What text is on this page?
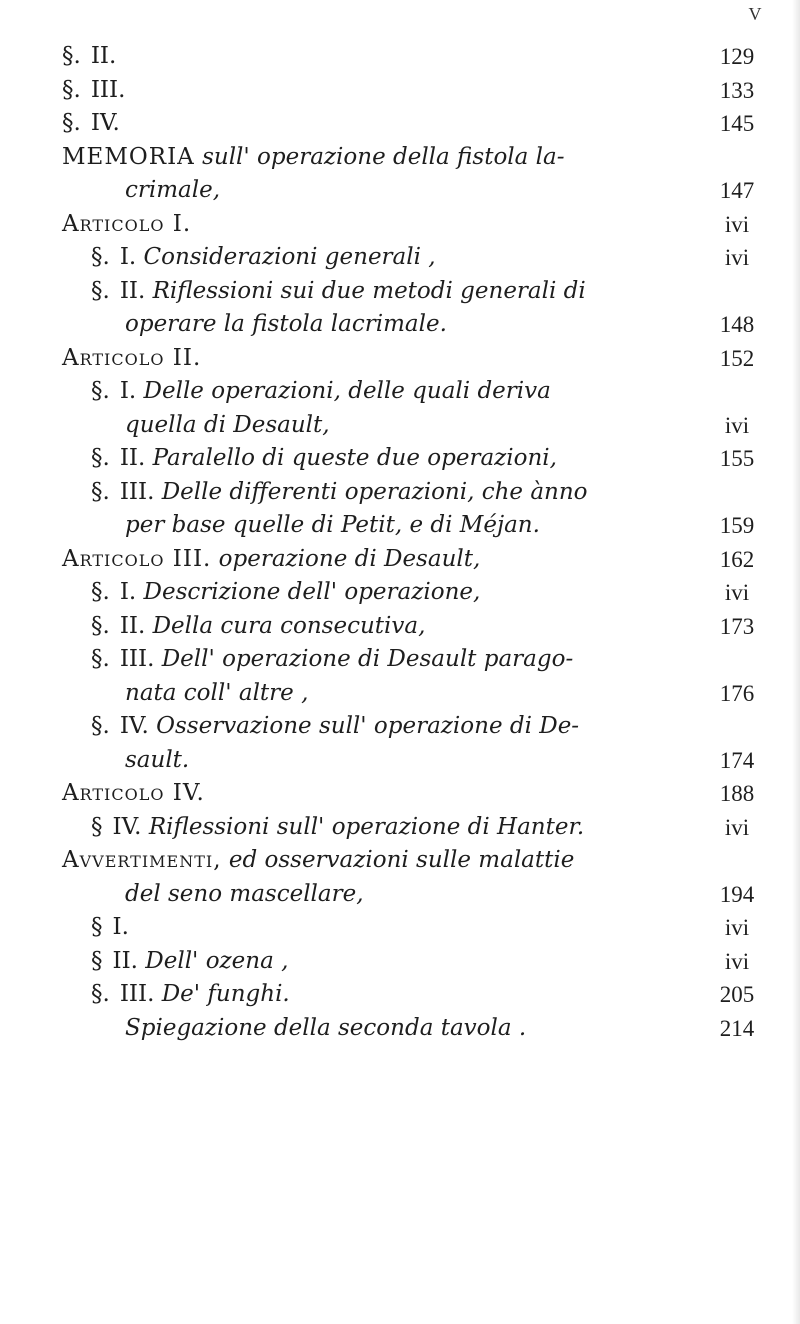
V
§. II.	129
§. III.	133
§. IV.	145
MEMORIA sull' operazione della fistola la-
crimale,	147
Articolo I.	ivi
§. I. Considerazioni generali ,	ivi
§. II. Riflessioni sui due metodi generali di
operare la fistola lacrimale.	148
Articolo II.	152
§. I. Delle operazioni, delle quali deriva
quella di Desault,	ivi
§. II. Paralello di queste due operazioni,	155
§. III. Delle differenti operazioni, che ànno
per base quelle di Petit, e di Méjan.	159
Articolo III. operazione di Desault,	162
§. I. Descrizione dell' operazione,	ivi
§. II. Della cura consecutiva,	173
§. III. Dell' operazione di Desault parago-
nata coll' altre ,	176
§. IV. Osservazione sull' operazione di De-
sault.	174
Articolo IV.	188
§ IV. Riflessioni sull' operazione di Hanter.	ivi
Avvertimenti, ed osservazioni sulle malattie
del seno mascellare,	194
§ I.	ivi
§ II. Dell' ozena ,	ivi
§. III. De' funghi.	205
Spiegazione della seconda tavola .	214
